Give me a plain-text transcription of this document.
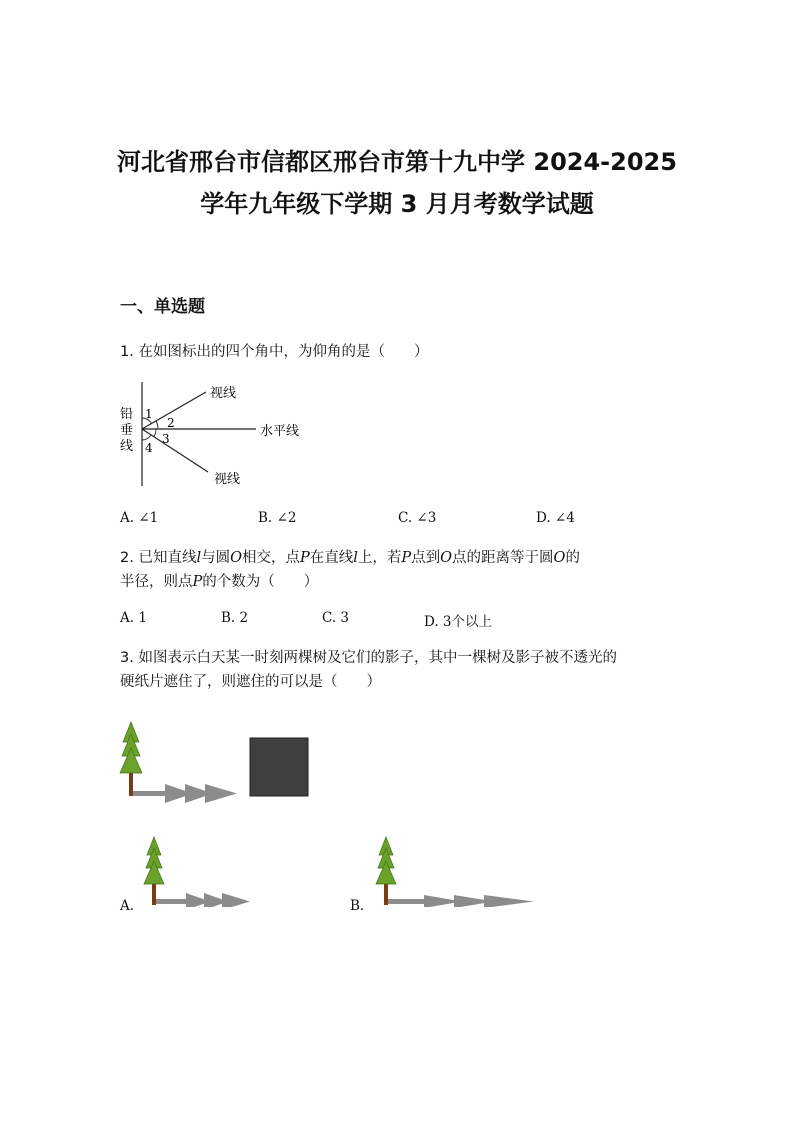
河北省邢台市信都区邢台市第十九中学 2024-2025
学年九年级下学期 3 月月考数学试题
一、单选题
1. 在如图标出的四个角中，为仰角的是（　　）
铅
垂
线
1
2
3
4
视线
水平线
视线
A. ∠1	B. ∠2	C. ∠3	D. ∠4
2. 已知直线l与圆O相交，点P在直线l上，若P点到O点的距离等于圆O的
半径，则点P的个数为（　　）
A. 1	B. 2	C. 3	D. 3个以上
3. 如图表示白天某一时刻两棵树及它们的影子，其中一棵树及影子被不透光的
硬纸片遮住了，则遮住的可以是（　　）
A.	B.
